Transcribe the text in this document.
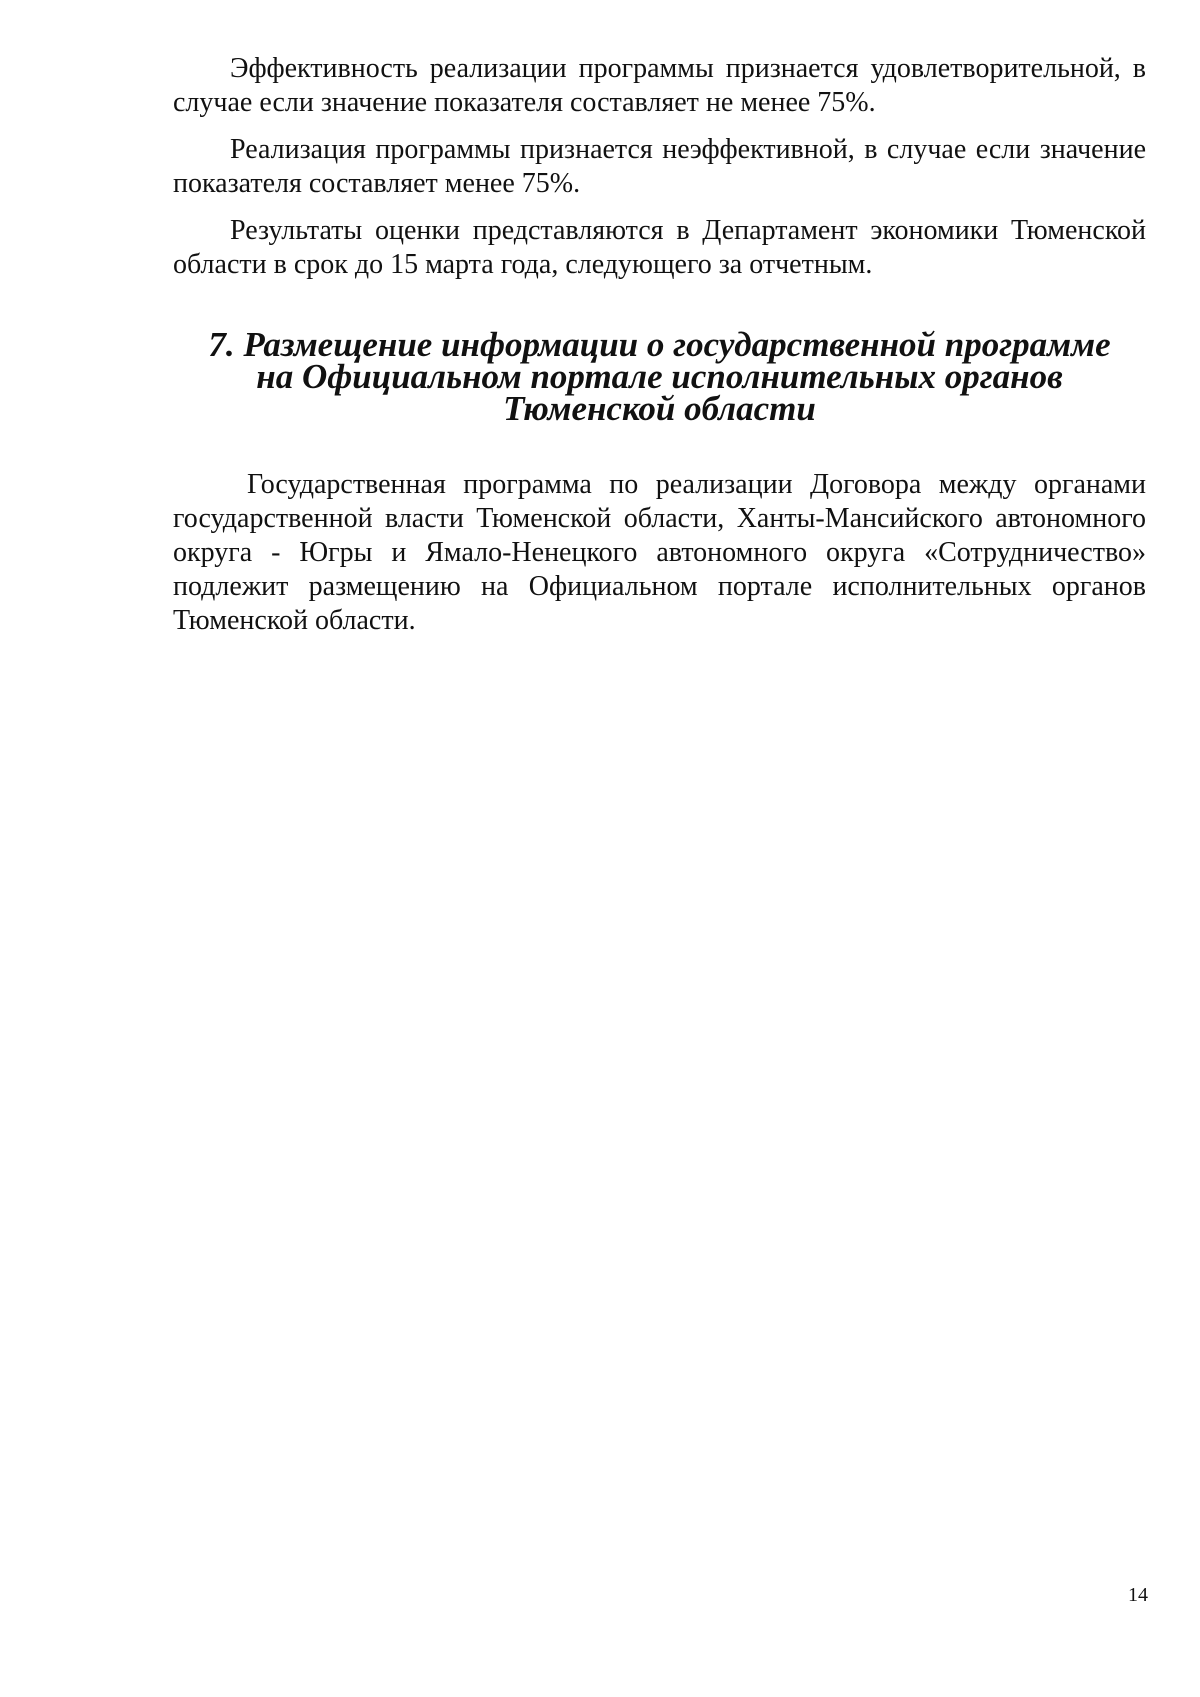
Эффективность реализации программы признается удовлетворительной, в случае если значение показателя составляет не менее 75%.

Реализация программы признается неэффективной, в случае если значение показателя составляет менее 75%.

Результаты оценки представляются в Департамент экономики Тюменской области в срок до 15 марта года, следующего за отчетным.

7. Размещение информации о государственной программе
на Официальном портале исполнительных органов
Тюменской области

Государственная программа по реализации Договора между органами государственной власти Тюменской области, Ханты-Мансийского автономного округа - Югры и Ямало-Ненецкого автономного округа «Сотрудничество» подлежит размещению на Официальном портале исполнительных органов Тюменской области.

14
